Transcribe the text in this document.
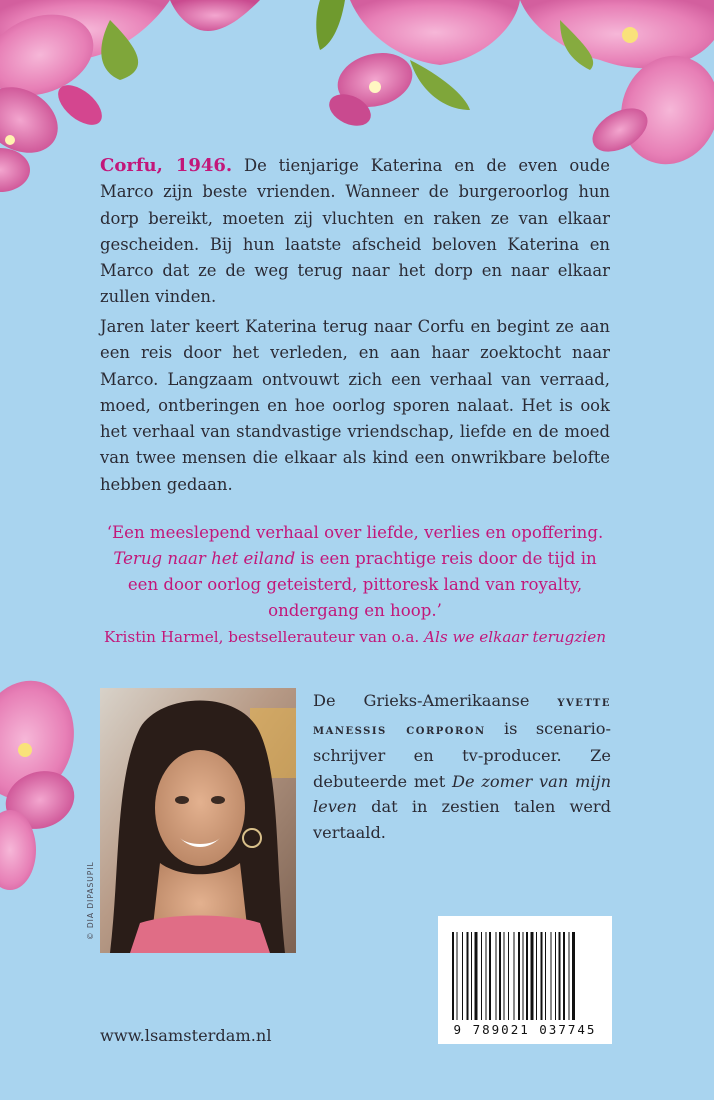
Corfu, 1946. De tienjarige Katerina en de even oude Marco zijn beste vrienden. Wanneer de burgeroorlog hun dorp bereikt, moeten zij vluchten en raken ze van elkaar gescheiden. Bij hun laatste afscheid beloven Katerina en Marco dat ze de weg terug naar het dorp en naar elkaar zullen vinden.

Jaren later keert Katerina terug naar Corfu en begint ze aan een reis door het verleden, en aan haar zoektocht naar Marco. Langzaam ontvouwt zich een verhaal van verraad, moed, ontberingen en hoe oorlog sporen nalaat. Het is ook het verhaal van standvastige vriendschap, liefde en de moed van twee mensen die elkaar als kind een onwrikbare belofte hebben gedaan.

‘Een meeslepend verhaal over liefde, verlies en opoffering. Terug naar het eiland is een prachtige reis door de tijd in een door oorlog geteisterd, pittoresk land van royalty, ondergang en hoop.’

Kristin Harmel, bestsellerauteur van o.a. Als we elkaar terugzien

© DIA DIPASUPIL
De Grieks-Amerikaanse yvette manessis corporon is scenarioschrijver en tv-producer. Ze debuteerde met De zomer van mijn leven dat in zestien talen werd vertaald.
9 789021 037745
www.lsamsterdam.nl
